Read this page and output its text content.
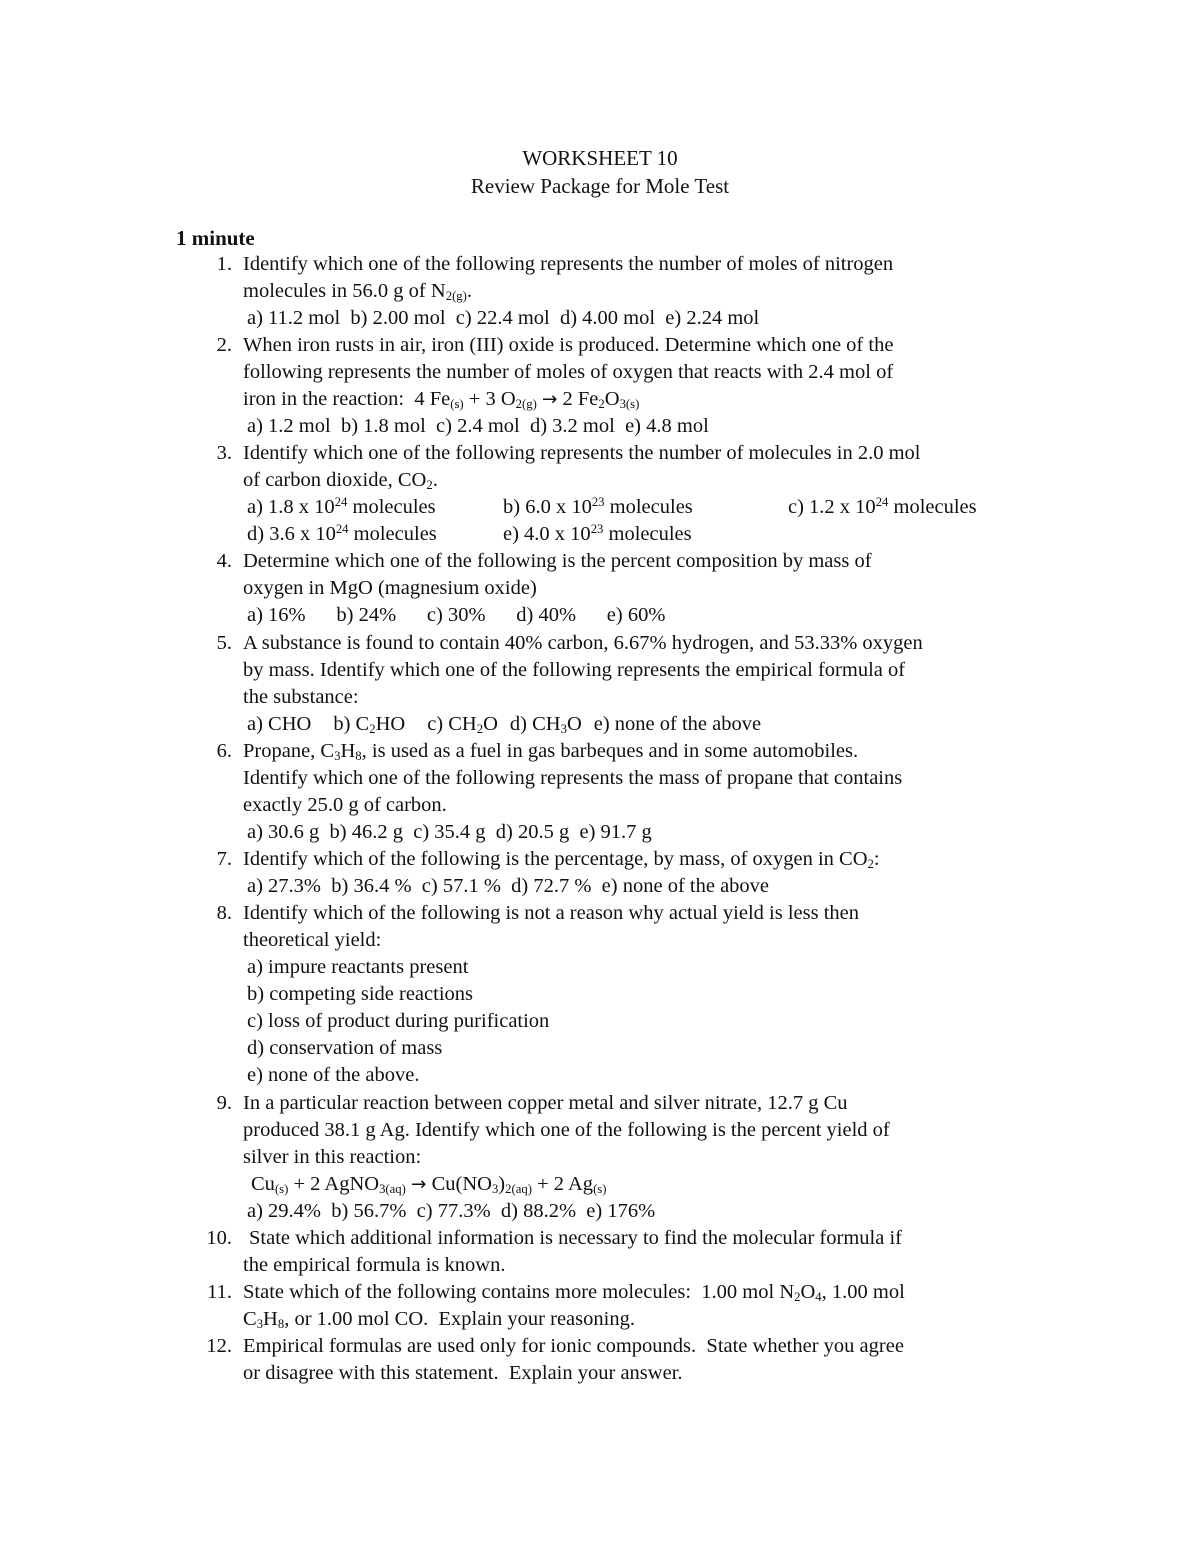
WORKSHEET 10
Review Package for Mole Test
1 minute
1. Identify which one of the following represents the number of moles of nitrogen
molecules in 56.0 g of $N_{2(g)}$.
a) 11.2 mol  b) 2.00 mol  c) 22.4 mol  d) 4.00 mol  e) 2.24 mol
2. When iron rusts in air, iron (III) oxide is produced. Determine which one of the
following represents the number of moles of oxygen that reacts with 2.4 mol of
iron in the reaction:  4 $Fe_{(s)} + 3$ $O_{2(g)} \to 2$ $Fe_2O_{3(s)}$
a) 1.2 mol  b) 1.8 mol  c) 2.4 mol  d) 3.2 mol  e) 4.8 mol
3. Identify which one of the following represents the number of molecules in 2.0 mol
of carbon dioxide, $CO_2$.
a) 1.8 x $10^{24}$ molecules	b) 6.0 x $10^{23}$ molecules	c) 1.2 x $10^{24}$ molecules
d) 3.6 x $10^{24}$ molecules	e) 4.0 x $10^{23}$ molecules
4. Determine which one of the following is the percent composition by mass of
oxygen in MgO (magnesium oxide)
a) 16%      b) 24%      c) 30%      d) 40%      e) 60%
5. A substance is found to contain 40% carbon, 6.67% hydrogen, and 53.33% oxygen
by mass. Identify which one of the following represents the empirical formula of
the substance:
a) CHO b) $C_2HO$ c) $CH_2O$ d) $CH_3O$ e) none of the above
6. Propane, $C_3H_8$, is used as a fuel in gas barbeques and in some automobiles.
Identify which one of the following represents the mass of propane that contains
exactly 25.0 g of carbon.
a) 30.6 g  b) 46.2 g  c) 35.4 g  d) 20.5 g  e) 91.7 g
7. Identify which of the following is the percentage, by mass, of oxygen in $CO_2$:
a) 27.3%  b) 36.4 %  c) 57.1 %  d) 72.7 %  e) none of the above
8. Identify which of the following is not a reason why actual yield is less then
theoretical yield:
a) impure reactants present
b) competing side reactions
c) loss of product during purification
d) conservation of mass
e) none of the above.
9. In a particular reaction between copper metal and silver nitrate, 12.7 g Cu
produced 38.1 g Ag. Identify which one of the following is the percent yield of
silver in this reaction:
$Cu_{(s)} + 2$ AgNO$_{3(aq)}$ → $Cu(NO_3)_{2(aq)} + 2$ $Ag_{(s)}$
a) 29.4%  b) 56.7%  c) 77.3%  d) 88.2%  e) 176%
10. State which additional information is necessary to find the molecular formula if
the empirical formula is known.
11. State which of the following contains more molecules:  1.00 mol $N_2O_4$, 1.00 mol
$C_3H_8$, or 1.00 mol CO.  Explain your reasoning.
12. Empirical formulas are used only for ionic compounds.  State whether you agree
or disagree with this statement.  Explain your answer.
